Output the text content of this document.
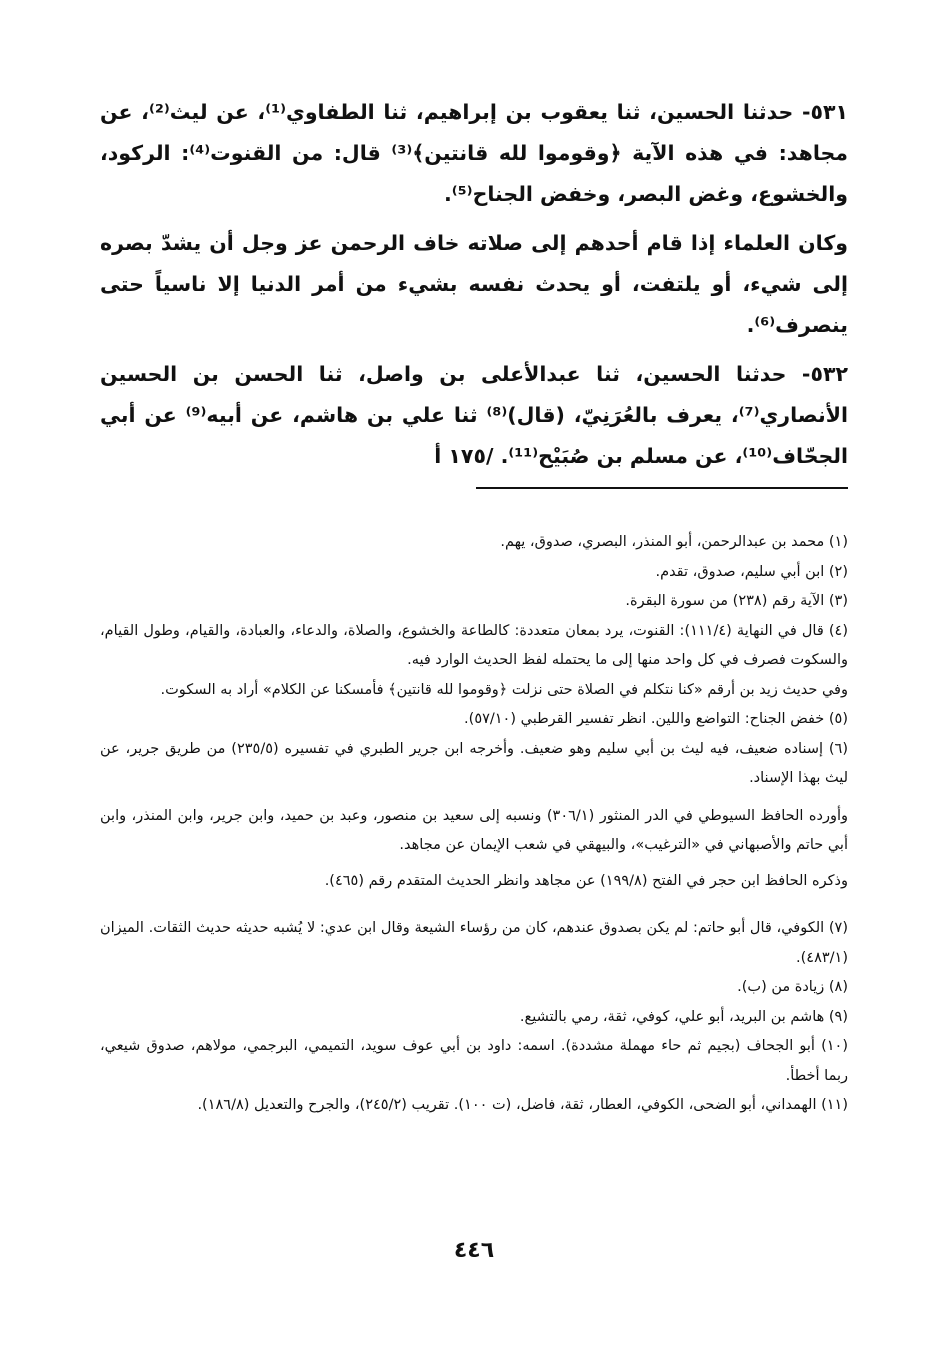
٥٣١- حدثنا الحسين، ثنا يعقوب بن إبراهيم، ثنا الطفاوي⁽¹⁾، عن ليث⁽²⁾، عن مجاهد: في هذه الآية ﴿وقوموا لله قانتين﴾⁽³⁾ قال: من القنوت⁽⁴⁾: الركود، والخشوع، وغض البصر، وخفض الجناح⁽⁵⁾.

وكان العلماء إذا قام أحدهم إلى صلاته خاف الرحمن عز وجل أن يشدّ بصره إلى شيء، أو يلتفت، أو يحدث نفسه بشيء من أمر الدنيا إلا ناسياً حتى ينصرف⁽⁶⁾.

٥٣٢- حدثنا الحسين، ثنا عبدالأعلى بن واصل، ثنا الحسن بن الحسين الأنصاري⁽⁷⁾، يعرف بالعُرَنِيّ، (قال)⁽⁸⁾ ثنا علي بن هاشم، عن أبيه⁽⁹⁾ عن أبي الجحّاف⁽¹⁰⁾، عن مسلم بن صُبَيْح⁽¹¹⁾. /١٧٥ أ

(١) محمد بن عبدالرحمن، أبو المنذر، البصري، صدوق، يهم.

(٢) ابن أبي سليم، صدوق، تقدم.

(٣) الآية رقم (٢٣٨) من سورة البقرة.

(٤) قال في النهاية (١١١/٤): القنوت، يرد بمعان متعددة: كالطاعة والخشوع، والصلاة، والدعاء، والعبادة، والقيام، وطول القيام، والسكوت فصرف في كل واحد منها إلى ما يحتمله لفظ الحديث الوارد فيه.

وفي حديث زيد بن أرقم «كنا نتكلم في الصلاة حتى نزلت ﴿وقوموا لله قانتين﴾ فأمسكنا عن الكلام» أراد به السكوت.

(٥) خفض الجناح: التواضع واللين. انظر تفسير القرطبي (٥٧/١٠).

(٦) إسناده ضعيف، فيه ليث بن أبي سليم وهو ضعيف. وأخرجه ابن جرير الطبري في تفسيره (٢٣٥/٥) من طريق جرير، عن ليث بهذا الإسناد.

وأورده الحافظ السيوطي في الدر المنثور (٣٠٦/١) ونسبه إلى سعيد بن منصور، وعبد بن حميد، وابن جرير، وابن المنذر، وابن أبي حاتم والأصبهاني في «الترغيب»، والبيهقي في شعب الإيمان عن مجاهد.

وذكره الحافظ ابن حجر في الفتح (١٩٩/٨) عن مجاهد وانظر الحديث المتقدم رقم (٤٦٥).

(٧) الكوفي، قال أبو حاتم: لم يكن بصدوق عندهم، كان من رؤساء الشيعة وقال ابن عدي: لا يُشبه حديثه حديث الثقات. الميزان (٤٨٣/١).

(٨) زيادة من (ب).

(٩) هاشم بن البريد، أبو علي، كوفي، ثقة، رمي بالتشيع.

(١٠) أبو الجحاف (بجيم ثم حاء مهملة مشددة). اسمه: داود بن أبي عوف سويد، التميمي، البرجمي، مولاهم، صدوق شيعي، ربما أخطأ.

(١١) الهمداني، أبو الضحى، الكوفي، العطار، ثقة، فاضل، (ت ١٠٠). تقريب (٢٤٥/٢)، والجرح والتعديل (١٨٦/٨).

٤٤٦
